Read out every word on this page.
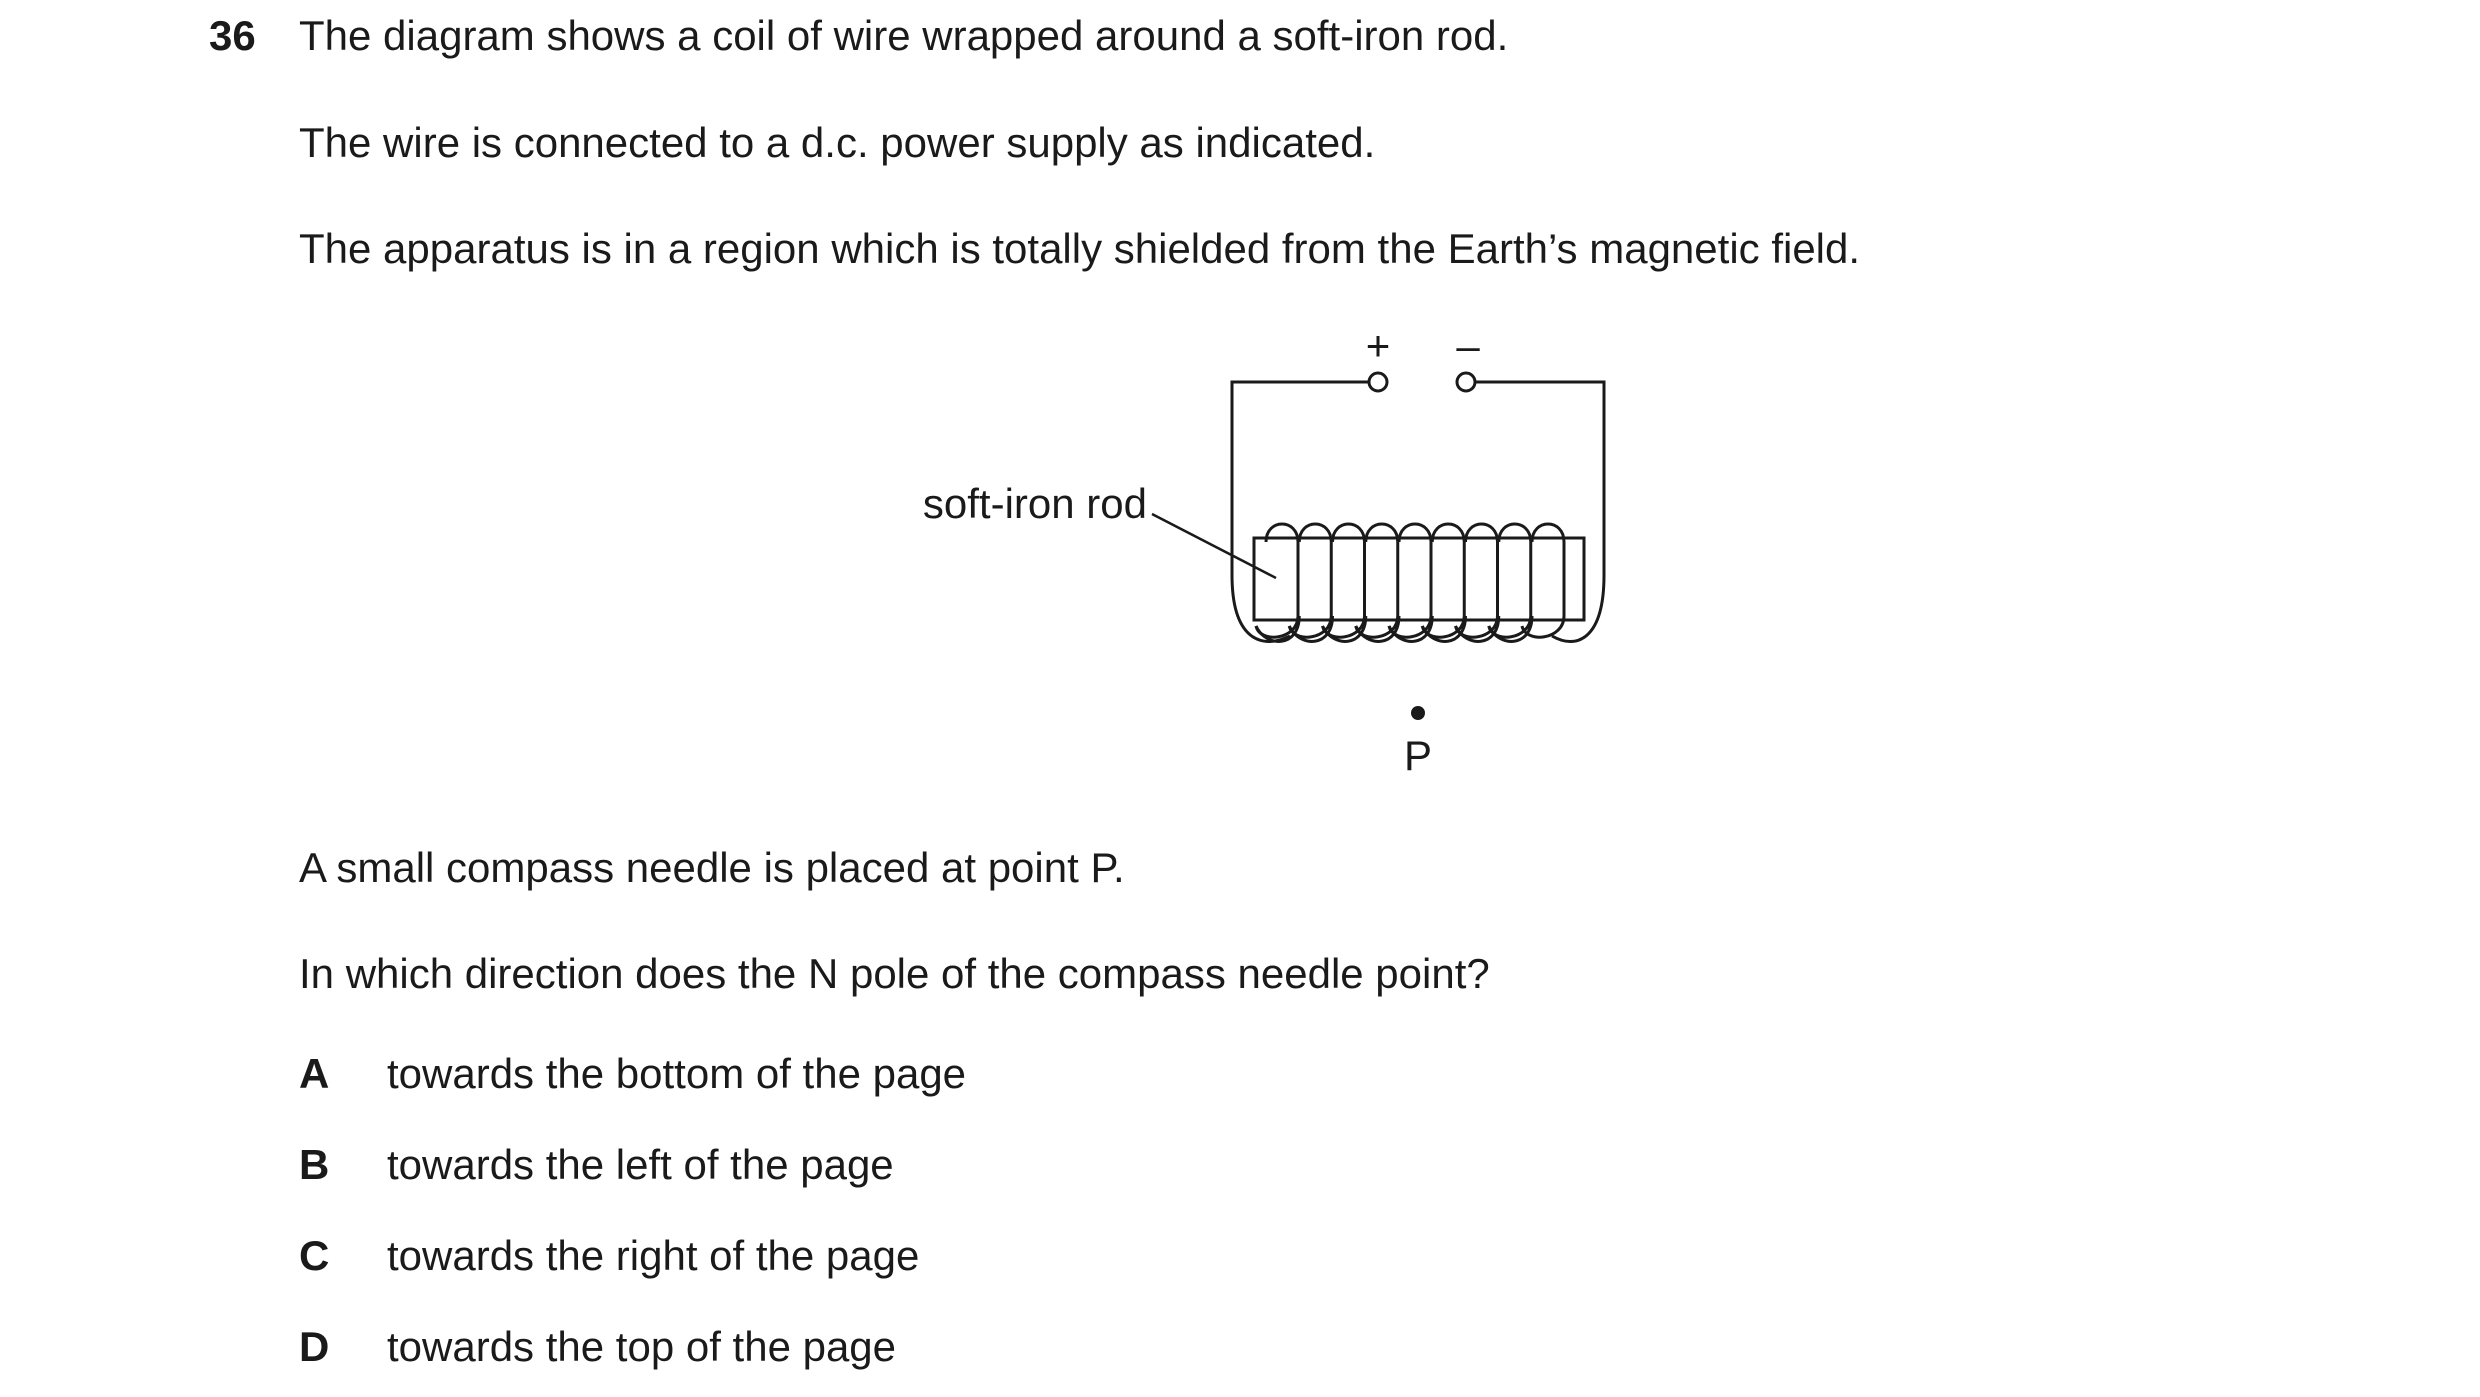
36 The diagram shows a coil of wire wrapped around a soft-iron rod.
The wire is connected to a d.c. power supply as indicated.
The apparatus is in a region which is totally shielded from the Earth’s magnetic field.
+ –
soft-iron rod
P
A small compass needle is placed at point P.
In which direction does the N pole of the compass needle point?
A towards the bottom of the page
B towards the left of the page
C towards the right of the page
D towards the top of the page
